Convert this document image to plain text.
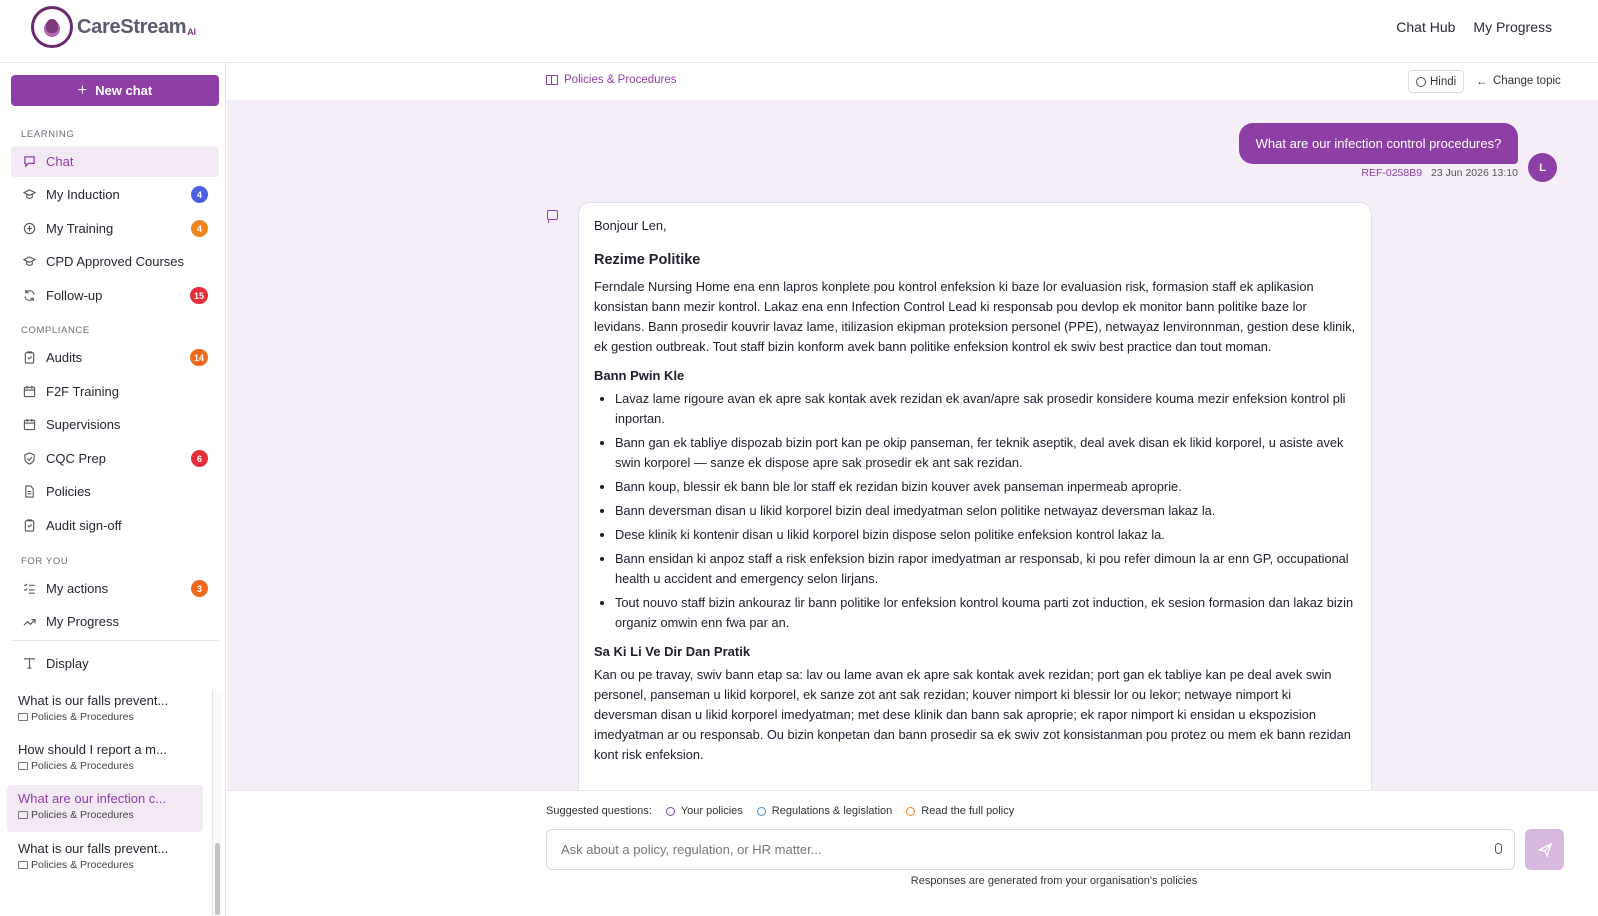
CareStream$^{AI}$	Chat Hub My Progress
+ New chat
LEARNING
Chat
My Induction	4
My Training	4
CPD Approved Courses
Follow-up	15
COMPLIANCE
Audits	14
F2F Training
Supervisions
CQC Prep	6
Policies
Audit sign-off
FOR YOU
My actions	3
My Progress
Display
What is our falls prevent...
Policies & Procedures
How should I report a m...
Policies & Procedures
What are our infection c...
Policies & Procedures
What is our falls prevent...
Policies & Procedures
Policies & Procedures	Hindi ← Change topic
What are our infection control procedures?
REF-0258B9 23 Jun 2026 13:10	L
Bonjour Len,
Rezime Politike

Ferndale Nursing Home ena enn lapros konplete pou kontrol enfeksion ki baze lor evaluasion risk, formasion staff ek aplikasion konsistan bann mezir kontrol. Lakaz ena enn Infection Control Lead ki responsab pou devlop ek monitor bann politike baze lor levidans. Bann prosedir kouvrir lavaz lame, itilizasion ekipman proteksion personel (PPE), netwayaz lenvironnman, gestion dese klinik, ek gestion outbreak. Tout staff bizin konform avek bann politike enfeksion kontrol ek swiv best practice dan tout moman.

Bann Pwin Kle
• Lavaz lame rigoure avan ek apre sak kontak avek rezidan ek avan/apre sak prosedir konsidere kouma mezir enfeksion kontrol pli inportan.
• Bann gan ek tabliye dispozab bizin port kan pe okip panseman, fer teknik aseptik, deal avek disan ek likid korporel, u asiste avek swin korporel — sanze ek dispose apre sak prosedir ek ant sak rezidan.
• Bann koup, blessir ek bann ble lor staff ek rezidan bizin kouver avek panseman inpermeab aproprie.
• Bann deversman disan u likid korporel bizin deal imedyatman selon politike netwayaz deversman lakaz la.
• Dese klinik ki kontenir disan u likid korporel bizin dispose selon politike enfeksion kontrol lakaz la.
• Bann ensidan ki anpoz staff a risk enfeksion bizin rapor imedyatman ar responsab, ki pou refer dimoun la ar enn GP, occupational health u accident and emergency selon lirjans.
• Tout nouvo staff bizin ankouraz lir bann politike lor enfeksion kontrol kouma parti zot induction, ek sesion formasion dan lakaz bizin organiz omwin enn fwa par an.
Sa Ki Li Ve Dir Dan Pratik

Kan ou pe travay, swiv bann etap sa: lav ou lame avan ek apre sak kontak avek rezidan; port gan ek tabliye kan pe deal avek swin personel, panseman u likid korporel, ek sanze zot ant sak rezidan; kouver nimport ki blessir lor ou lekor; netwaye nimport ki deversman disan u likid korporel imedyatman; met dese klinik dan bann sak aproprie; ek rapor nimport ki ensidan u ekspozision imedyatman ar ou responsab. Ou bizin konpetan dan bann prosedir sa ek swiv zot konsistanman pou protez ou mem ek bann rezidan kont risk enfeksion.

Suggested questions:	Your policies	Regulations & legislation	Read the full policy
Ask about a policy, regulation, or HR matter...
Responses are generated from your organisation's policies
